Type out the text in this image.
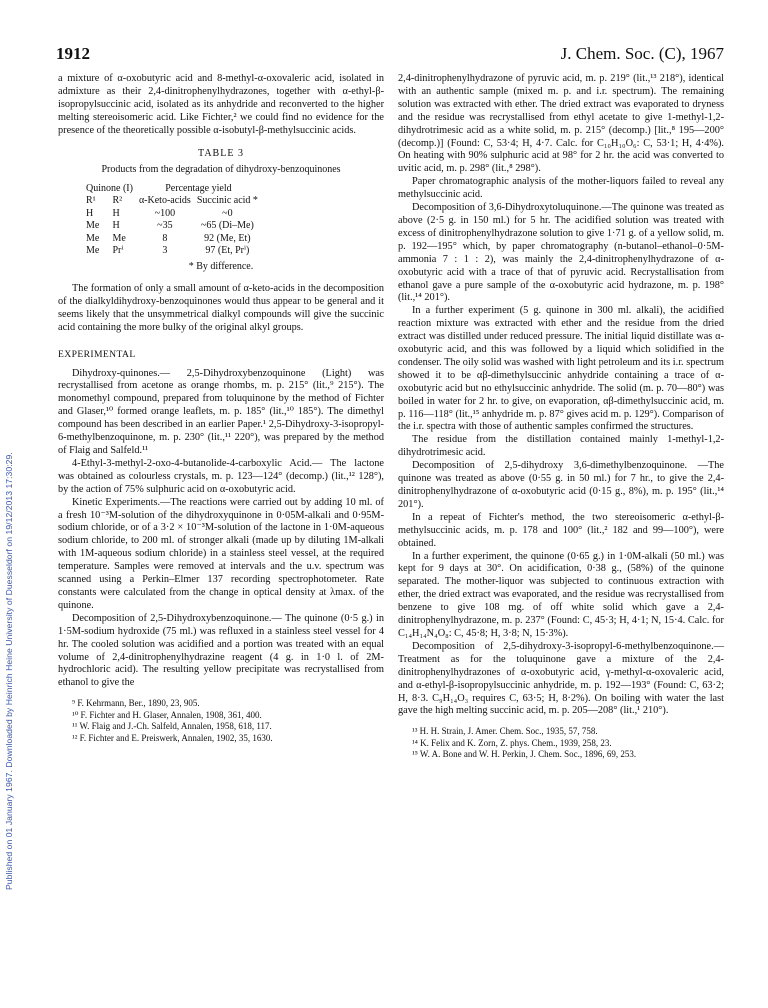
Published on 01 January 1967. Downloaded by Heinrich Heine University of Duesseldorf on 19/12/2013 17:30:29.
1912	J. Chem. Soc. (C), 1967

a mixture of α-oxobutyric acid and 8-methyl-α-oxovaleric acid, isolated in admixture as their 2,4-dinitrophenylhydrazones, together with α-ethyl-β-isopropylsuccinic acid, isolated as its anhydride and reconverted to the higher melting stereoisomeric acid. Like Fichter,² we could find no evidence for the presence of the theoretically possible α-isobutyl-β-methylsuccinic acids.

TABLE 3
Products from the degradation of dihydroxy-benzoquinones
Quinone (I)		Percentage yield	
R¹	R²	α-Keto-acids	Succinic acid *
H	H	~100	~0
Me	H	~35	~65 (Di–Me)
Me	Me	8	92 (Me, Et)
Me	Prⁱ	3	97 (Et, Prⁱ)
* By difference.

The formation of only a small amount of α-keto-acids in the decomposition of the dialkyldihydroxy-benzoquinones would thus appear to be general and it seems likely that the unsymmetrical dialkyl compounds will give the succinic acid containing the more bulky of the original alkyl groups.

EXPERIMENTAL

Dihydroxy-quinones.— 2,5-Dihydroxybenzoquinone (Light) was recrystallised from acetone as orange rhombs, m. p. 215° (lit.,⁹ 215°). The monomethyl compound, prepared from toluquinone by the method of Fichter and Glaser,¹⁰ formed orange leaflets, m. p. 185° (lit.,¹⁰ 185°). The dimethyl compound has been described in an earlier Paper.¹ 2,5-Dihydroxy-3-isopropyl-6-methylbenzoquinone, m. p. 230° (lit.,¹¹ 220°), was prepared by the method of Flaig and Salfeld.¹¹

4-Ethyl-3-methyl-2-oxo-4-butanolide-4-carboxylic Acid.— The lactone was obtained as colourless crystals, m. p. 123—124° (decomp.) (lit.,¹² 128°), by the action of 75% sulphuric acid on α-oxobutyric acid.

Kinetic Experiments.—The reactions were carried out by adding 10 ml. of a fresh 10⁻³M-solution of the dihydroxyquinone in 0·05M-alkali and 0·95M-sodium chloride, or of a 3·2 × 10⁻³M-solution of the lactone in 1·0M-aqueous sodium chloride, to 200 ml. of stronger alkali (made up by diluting 1M-alkali with 1M-aqueous sodium chloride) in a stainless steel vessel, at the required temperature. Samples were removed at intervals and the u.v. spectrum was scanned using a Perkin–Elmer 137 recording spectrophotometer. Rate constants were calculated from the change in optical density at λmax. of the quinone.

Decomposition of 2,5-Dihydroxybenzoquinone.— The quinone (0·5 g.) in 1·5M-sodium hydroxide (75 ml.) was refluxed in a stainless steel vessel for 4 hr. The cooled solution was acidified and a portion was treated with an equal volume of 2,4-dinitrophenylhydrazine reagent (4 g. in 1·0 l. of 2M-hydrochloric acid). The resulting yellow precipitate was recrystallised from ethanol to give the

⁹ F. Kehrmann, Ber., 1890, 23, 905.

¹⁰ F. Fichter and H. Glaser, Annalen, 1908, 361, 400.

¹¹ W. Flaig and J.-Ch. Salfeld, Annalen, 1958, 618, 117.

¹² F. Fichter and E. Preiswerk, Annalen, 1902, 35, 1630.

2,4-dinitrophenylhydrazone of pyruvic acid, m. p. 219° (lit.,¹³ 218°), identical with an authentic sample (mixed m. p. and i.r. spectrum). The remaining solution was extracted with ether. The dried extract was evaporated to dryness and the residue was recrystallised from ethyl acetate to give 1-methyl-1,2-dihydrotrimesic acid as a white solid, m. p. 215° (decomp.) [lit.,⁸ 195—200° (decomp.)] (Found: C, 53·4; H, 4·7. Calc. for C₁₀H₁₀O₆: C, 53·1; H, 4·4%). On heating with 90% sulphuric acid at 98° for 2 hr. the acid was converted to uvitic acid, m. p. 298° (lit.,⁸ 298°).

Paper chromatographic analysis of the mother-liquors failed to reveal any methylsuccinic acid.

Decomposition of 3,6-Dihydroxytoluquinone.—The quinone was treated as above (2·5 g. in 150 ml.) for 5 hr. The acidified solution was treated with excess of dinitrophenylhydrazone solution to give 1·71 g. of a yellow solid, m. p. 192—195° which, by paper chromatography (n-butanol–ethanol–0·5M-ammonia 7 : 1 : 2), was mainly the 2,4-dinitrophenylhydrazone of α-oxobutyric acid with a trace of that of pyruvic acid. Recrystallisation from ethanol gave a pure sample of the α-oxobutyric acid hydrazone, m. p. 198° (lit.,¹⁴ 201°).

In a further experiment (5 g. quinone in 300 ml. alkali), the acidified reaction mixture was extracted with ether and the residue from the dried extract was distilled under reduced pressure. The initial liquid distillate was α-oxobutyric acid, and this was followed by a liquid which solidified in the condenser. The oily solid was washed with light petroleum and its i.r. spectrum showed it to be αβ-dimethylsuccinic anhydride containing a trace of α-oxobutyric acid but no ethylsuccinic anhydride. The solid (m. p. 70—80°) was boiled in water for 2 hr. to give, on evaporation, αβ-dimethylsuccinic acid, m. p. 116—118° (lit.,¹⁵ anhydride m. p. 87° gives acid m. p. 129°). Comparison of the i.r. spectra with those of authentic samples confirmed the structures.

The residue from the distillation contained mainly 1-methyl-1,2-dihydrotrimesic acid.

Decomposition of 2,5-dihydroxy 3,6-dimethylbenzoquinone. —The quinone was treated as above (0·55 g. in 50 ml.) for 7 hr., to give the 2,4-dinitrophenylhydrazone of α-oxobutyric acid (0·15 g., 8%), m. p. 195° (lit.,¹⁴ 201°).

In a repeat of Fichter's method, the two stereoisomeric α-ethyl-β-methylsuccinic acids, m. p. 178 and 100° (lit.,² 182 and 99—100°), were obtained.

In a further experiment, the quinone (0·65 g.) in 1·0M-alkali (50 ml.) was kept for 9 days at 30°. On acidification, 0·38 g., (58%) of the quinone separated. The mother-liquor was subjected to continuous extraction with ether, the dried extract was evaporated, and the residue was recrystallised from benzene to give 108 mg. of off white solid which gave a 2,4-dinitrophenylhydrazone, m. p. 237° (Found: C, 45·3; H, 4·1; N, 15·4. Calc. for C₁₄H₁₄N₄O₈: C, 45·8; H, 3·8; N, 15·3%).

Decomposition of 2,5-dihydroxy-3-isopropyl-6-methylbenzoquinone.—Treatment as for the toluquinone gave a mixture of the 2,4-dinitrophenylhydrazones of α-oxobutyric acid, γ-methyl-α-oxovaleric acid, and α-ethyl-β-isopropylsuccinic anhydride, m. p. 192—193° (Found: C, 63·2; H, 8·3. C₉H₁₄O₃ requires C, 63·5; H, 8·2%). On boiling with water the last gave the high melting succinic acid, m. p. 205—208° (lit.,¹ 210°).

¹³ H. H. Strain, J. Amer. Chem. Soc., 1935, 57, 758.

¹⁴ K. Felix and K. Zorn, Z. phys. Chem., 1939, 258, 23.

¹⁵ W. A. Bone and W. H. Perkin, J. Chem. Soc., 1896, 69, 253.
